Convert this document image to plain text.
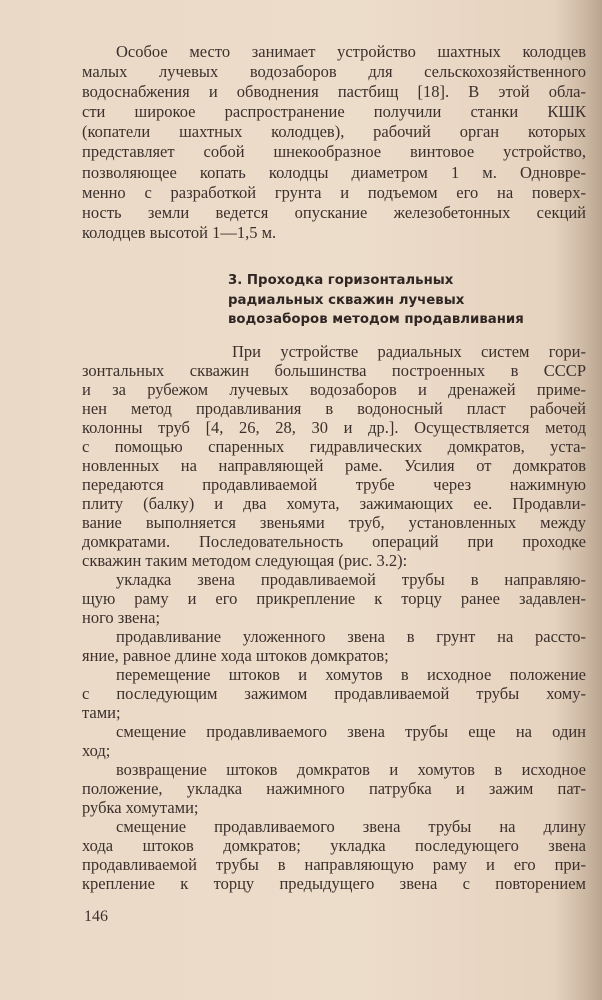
Особое место занимает устройство шахтных колодцев
малых лучевых водозаборов для сельскохозяйственного
водоснабжения и обводнения пастбищ [18]. В этой обла-
сти широкое распространение получили станки КШК
(копатели шахтных колодцев), рабочий орган которых
представляет собой шнекообразное винтовое устройство,
позволяющее копать колодцы диаметром 1 м. Одновре-
менно с разработкой грунта и подъемом его на поверх-
ность земли ведется опускание железобетонных секций
колодцев высотой 1—1,5 м.
3. Проходка горизонтальных
радиальных скважин лучевых
водозаборов методом продавливания
При устройстве радиальных систем гори-
зонтальных скважин большинства построенных в СССР
и за рубежом лучевых водозаборов и дренажей приме-
нен метод продавливания в водоносный пласт рабочей
колонны труб [4, 26, 28, 30 и др.]. Осуществляется метод
с помощью спаренных гидравлических домкратов, уста-
новленных на направляющей раме. Усилия от домкратов
передаются продавливаемой трубе через нажимную
плиту (балку) и два хомута, зажимающих ее. Продавли-
вание выполняется звеньями труб, установленных между
домкратами. Последовательность операций при проходке
скважин таким методом следующая (рис. 3.2):
укладка звена продавливаемой трубы в направляю-
щую раму и его прикрепление к торцу ранее задавлен-
ного звена;
продавливание уложенного звена в грунт на рассто-
яние, равное длине хода штоков домкратов;
перемещение штоков и хомутов в исходное положение
с последующим зажимом продавливаемой трубы хому-
тами;
смещение продавливаемого звена трубы еще на один
ход;
возвращение штоков домкратов и хомутов в исходное
положение, укладка нажимного патрубка и зажим пат-
рубка хомутами;
смещение продавливаемого звена трубы на длину
хода штоков домкратов; укладка последующего звена
продавливаемой трубы в направляющую раму и его при-
крепление к торцу предыдущего звена с повторением
146
